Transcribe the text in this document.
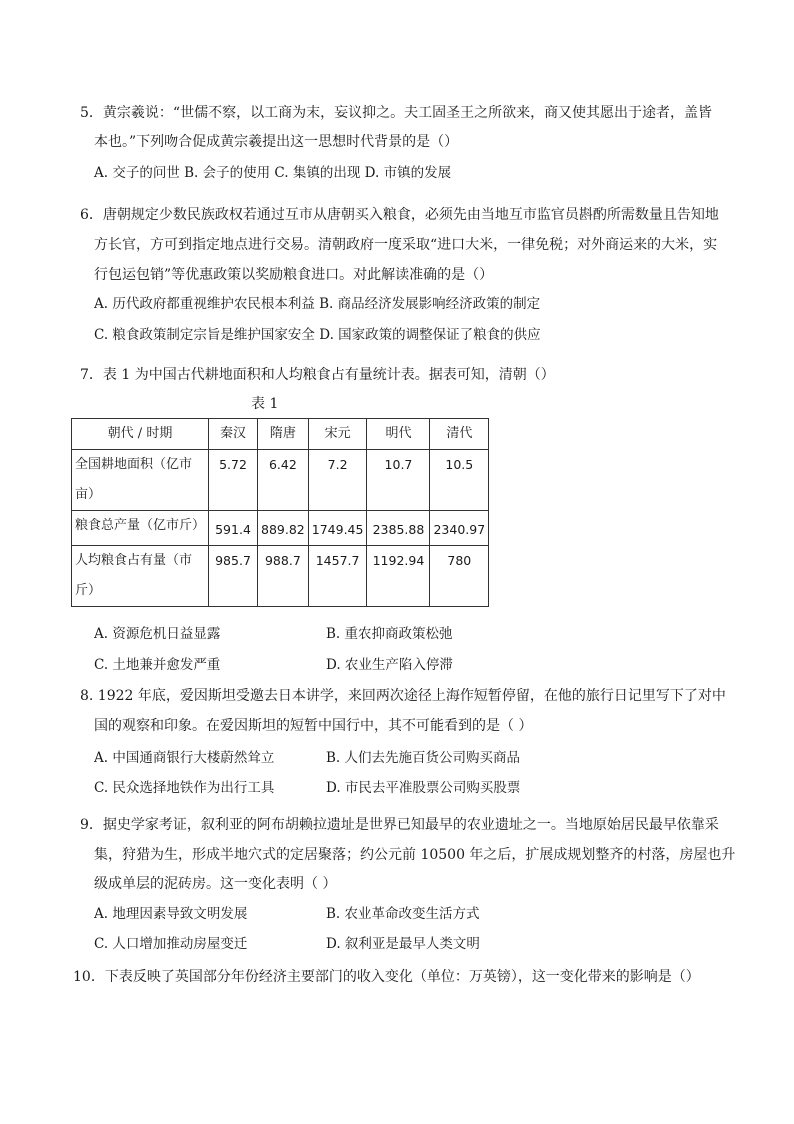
5．黄宗羲说：“世儒不察，以工商为末，妄议抑之。夫工固圣王之所欲来，商又使其愿出于途者，盖皆
本也。”下列吻合促成黄宗羲提出这一思想时代背景的是（）
A. 交子的问世 B. 会子的使用 C. 集镇的出现 D. 市镇的发展
6．唐朝规定少数民族政权若通过互市从唐朝买入粮食，必须先由当地互市监官员斟酌所需数量且告知地
方长官，方可到指定地点进行交易。清朝政府一度采取“进口大米，一律免税；对外商运来的大米，实
行包运包销”等优惠政策以奖励粮食进口。对此解读准确的是（）
A. 历代政府都重视维护农民根本利益 B. 商品经济发展影响经济政策的制定
C. 粮食政策制定宗旨是维护国家安全 D. 国家政策的调整保证了粮食的供应
7．表 1 为中国古代耕地面积和人均粮食占有量统计表。据表可知，清朝（）
表 1
朝代 / 时期	秦汉	隋唐	宋元	明代	清代
全国耕地面积（亿市
亩）	5.72	6.42	7.2	10.7	10.5
粮食总产量（亿市斤）	591.4	889.82	1749.45	2385.88	2340.97
人均粮食占有量（市
斤）	985.7	988.7	1457.7	1192.94	780
A. 资源危机日益显露	B. 重农抑商政策松弛
C. 土地兼并愈发严重	D. 农业生产陷入停滞
8. 1922 年底，爱因斯坦受邀去日本讲学，来回两次途径上海作短暂停留，在他的旅行日记里写下了对中
国的观察和印象。在爱因斯坦的短暂中国行中，其不可能看到的是（ ）
A. 中国通商银行大楼蔚然耸立	B. 人们去先施百货公司购买商品
C. 民众选择地铁作为出行工具	D. 市民去平准股票公司购买股票
9．据史学家考证，叙利亚的阿布胡赖拉遗址是世界已知最早的农业遗址之一。当地原始居民最早依靠采
集，狩猎为生，形成半地穴式的定居聚落；约公元前 10500 年之后，扩展成规划整齐的村落，房屋也升
级成单层的泥砖房。这一变化表明（ ）
A. 地理因素导致文明发展	B. 农业革命改变生活方式
C. 人口增加推动房屋变迁	D. 叙利亚是最早人类文明
10．下表反映了英国部分年份经济主要部门的收入变化（单位：万英镑），这一变化带来的影响是（）
